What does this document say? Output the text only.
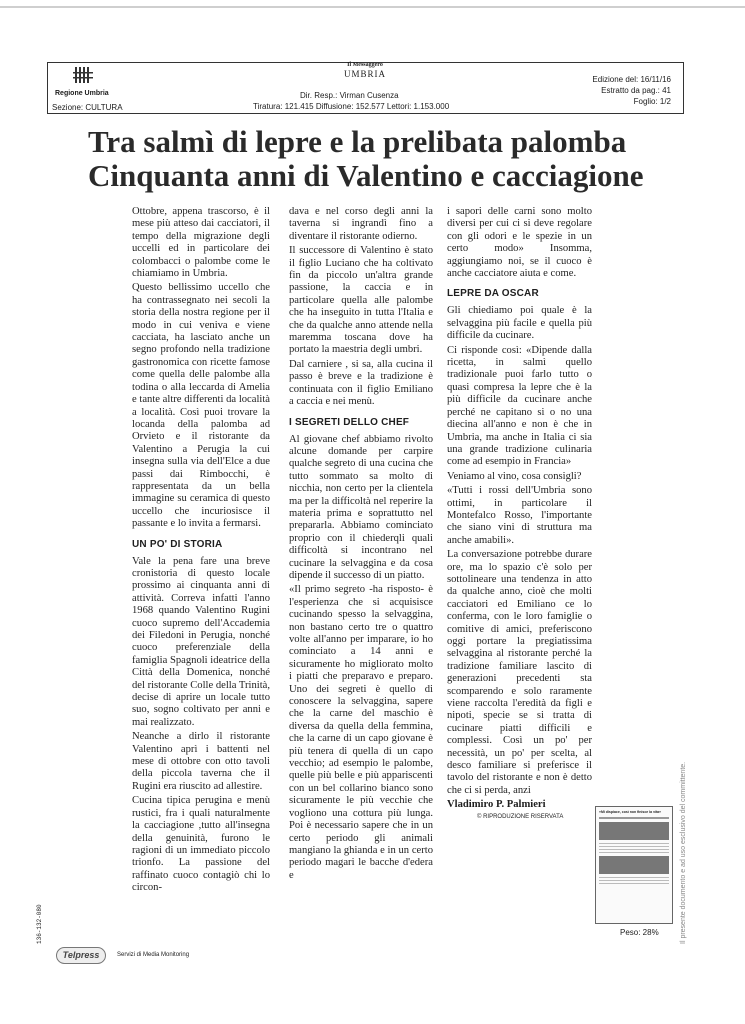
Regione Umbria
Sezione: CULTURA
Il Messaggero
UMBRIA
Dir. Resp.: Virman Cusenza
Tiratura: 121.415 Diffusione: 152.577 Lettori: 1.153.000
Edizione del: 16/11/16
Estratto da pag.: 41
Foglio: 1/2
Tra salmì di lepre e la prelibata palomba
Cinquanta anni di Valentino e cacciagione

Ottobre, appena trascorso, è il mese più atteso dai cacciatori, il tempo della migrazione degli uccelli ed in particolare dei colombacci o palombe come le chiamiamo in Umbria.

Questo bellissimo uccello che ha contrassegnato nei secoli la storia della nostra regione per il modo in cui veniva e viene cacciata, ha lasciato anche un segno profondo nella tradizione gastronomica con ricette famose come quella delle palombe alla todina o alla leccarda di Amelia e tante altre differenti da località a località. Così puoi trovare la locanda della palomba ad Orvieto e il ristorante da Valentino a Perugia la cui insegna sulla via dell'Elce a due passi dai Rimbocchi, è rappresentata da un bella immagine su ceramica di questo uccello che incuriosisce il passante e lo invita a fermarsi.

UN PO' DI STORIA

Vale la pena fare una breve cronistoria di questo locale prossimo ai cinquanta anni di attività. Correva infatti l'anno 1968 quando Valentino Rugini cuoco supremo dell'Accademia dei Filedoni in Perugia, nonché cuoco preferenziale della famiglia Spagnoli ideatrice della Città della Domenica, nonché del ristorante Colle della Trinità, decise di aprire un locale tutto suo, sogno coltivato per anni e mai realizzato.

Neanche a dirlo il ristorante Valentino aprì i battenti nel mese di ottobre con otto tavoli della piccola taverna che il Rugini era riuscito ad allestire.

Cucina tipica perugina e menù rustici, fra i quali naturalmente la cacciagione ,tutto all'insegna della genuinità, furono le ragioni di un immediato piccolo trionfo. La passione del raffinato cuoco contagiò chi lo circon-

dava e nel corso degli anni la taverna si ingrandì fino a diventare il ristorante odierno.

Il successore di Valentino è stato il figlio Luciano che ha coltivato fin da piccolo un'altra grande passione, la caccia e in particolare quella alle palombe che ha inseguito in tutta l'Italia e che da qualche anno attende nella maremma toscana dove ha portato la maestria degli umbri.

Dal carniere , si sa, alla cucina il passo è breve e la tradizione è continuata con il figlio Emiliano a caccia e nei menù.

I SEGRETI DELLO CHEF

Al giovane chef abbiamo rivolto alcune domande per carpire qualche segreto di una cucina che tutto sommato sa molto di nicchia, non certo per la clientela ma per la difficoltà nel reperire la materia prima e soprattutto nel prepararla. Abbiamo cominciato proprio con il chiederqli quali difficoltà si incontrano nel cucinare la selvaggina e da cosa dipende il successo di un piatto.

«Il primo segreto -ha risposto- è l'esperienza che si acquisisce cucinando spesso la selvaggina, non bastano certo tre o quattro volte all'anno per imparare, io ho cominciato a 14 anni e sicuramente ho migliorato molto i piatti che preparavo e preparo. Uno dei segreti è quello di conoscere la selvaggina, sapere che la carne del maschio è diversa da quella della femmina, che la carne di un capo giovane è più tenera di quella di un capo vecchio; ad esempio le palombe, quelle più belle e più appariscenti con un bel collarino bianco sono sicuramente le più vecchie che vogliono una cottura più lunga. Poi è necessario sapere che in un certo periodo gli animali mangiano la ghianda e in un certo periodo magari le bacche d'edera e

i sapori delle carni sono molto diversi per cui ci si deve regolare con gli odori e le spezie in un certo modo» Insomma, aggiungiamo noi, se il cuoco è anche cacciatore aiuta e come.

LEPRE DA OSCAR

Gli chiediamo poi quale è la selvaggina più facile e quella più difficile da cucinare.

Ci risponde così: «Dipende dalla ricetta, in salmì quello tradizionale puoi farlo tutto o quasi compresa la lepre che è la più difficile da cucinare anche perché ne capitano si o no una diecina all'anno e non è che in Umbria, ma anche in Italia ci sia una grande tradizione culinaria come ad esempio in Francia»

Veniamo al vino, cosa consigli?

«Tutti i rossi dell'Umbria sono ottimi, in particolare il Montefalco Rosso, l'importante che siano vini di struttura ma anche amabili».

La conversazione potrebbe durare ore, ma lo spazio c'è solo per sottolineare una tendenza in atto da qualche anno, cioè che molti cacciatori ed Emiliano ce lo conferma, con le loro famiglie o comitive di amici, preferiscono oggi portare la pregiatissima selvaggina al ristorante perché la tradizione familiare lascito di generazioni precedenti sta scomparendo e solo raramente viene raccolta l'eredità da figli e nipoti, specie se si tratta di cucinare piatti difficili e complessi. Così un po' per necessità, un po' per scelta, al desco familiare si preferisce il tavolo del ristorante e non è detto che ci si perda, anzi

Vladimiro P. Palmieri

© RIPRODUZIONE RISERVATA
«Mi dispiace, così non finisce la vita»
Peso: 28%	Il presente documento e ad uso esclusivo del committente.
136-132-080
Telpress	Servizi di Media Monitoring
